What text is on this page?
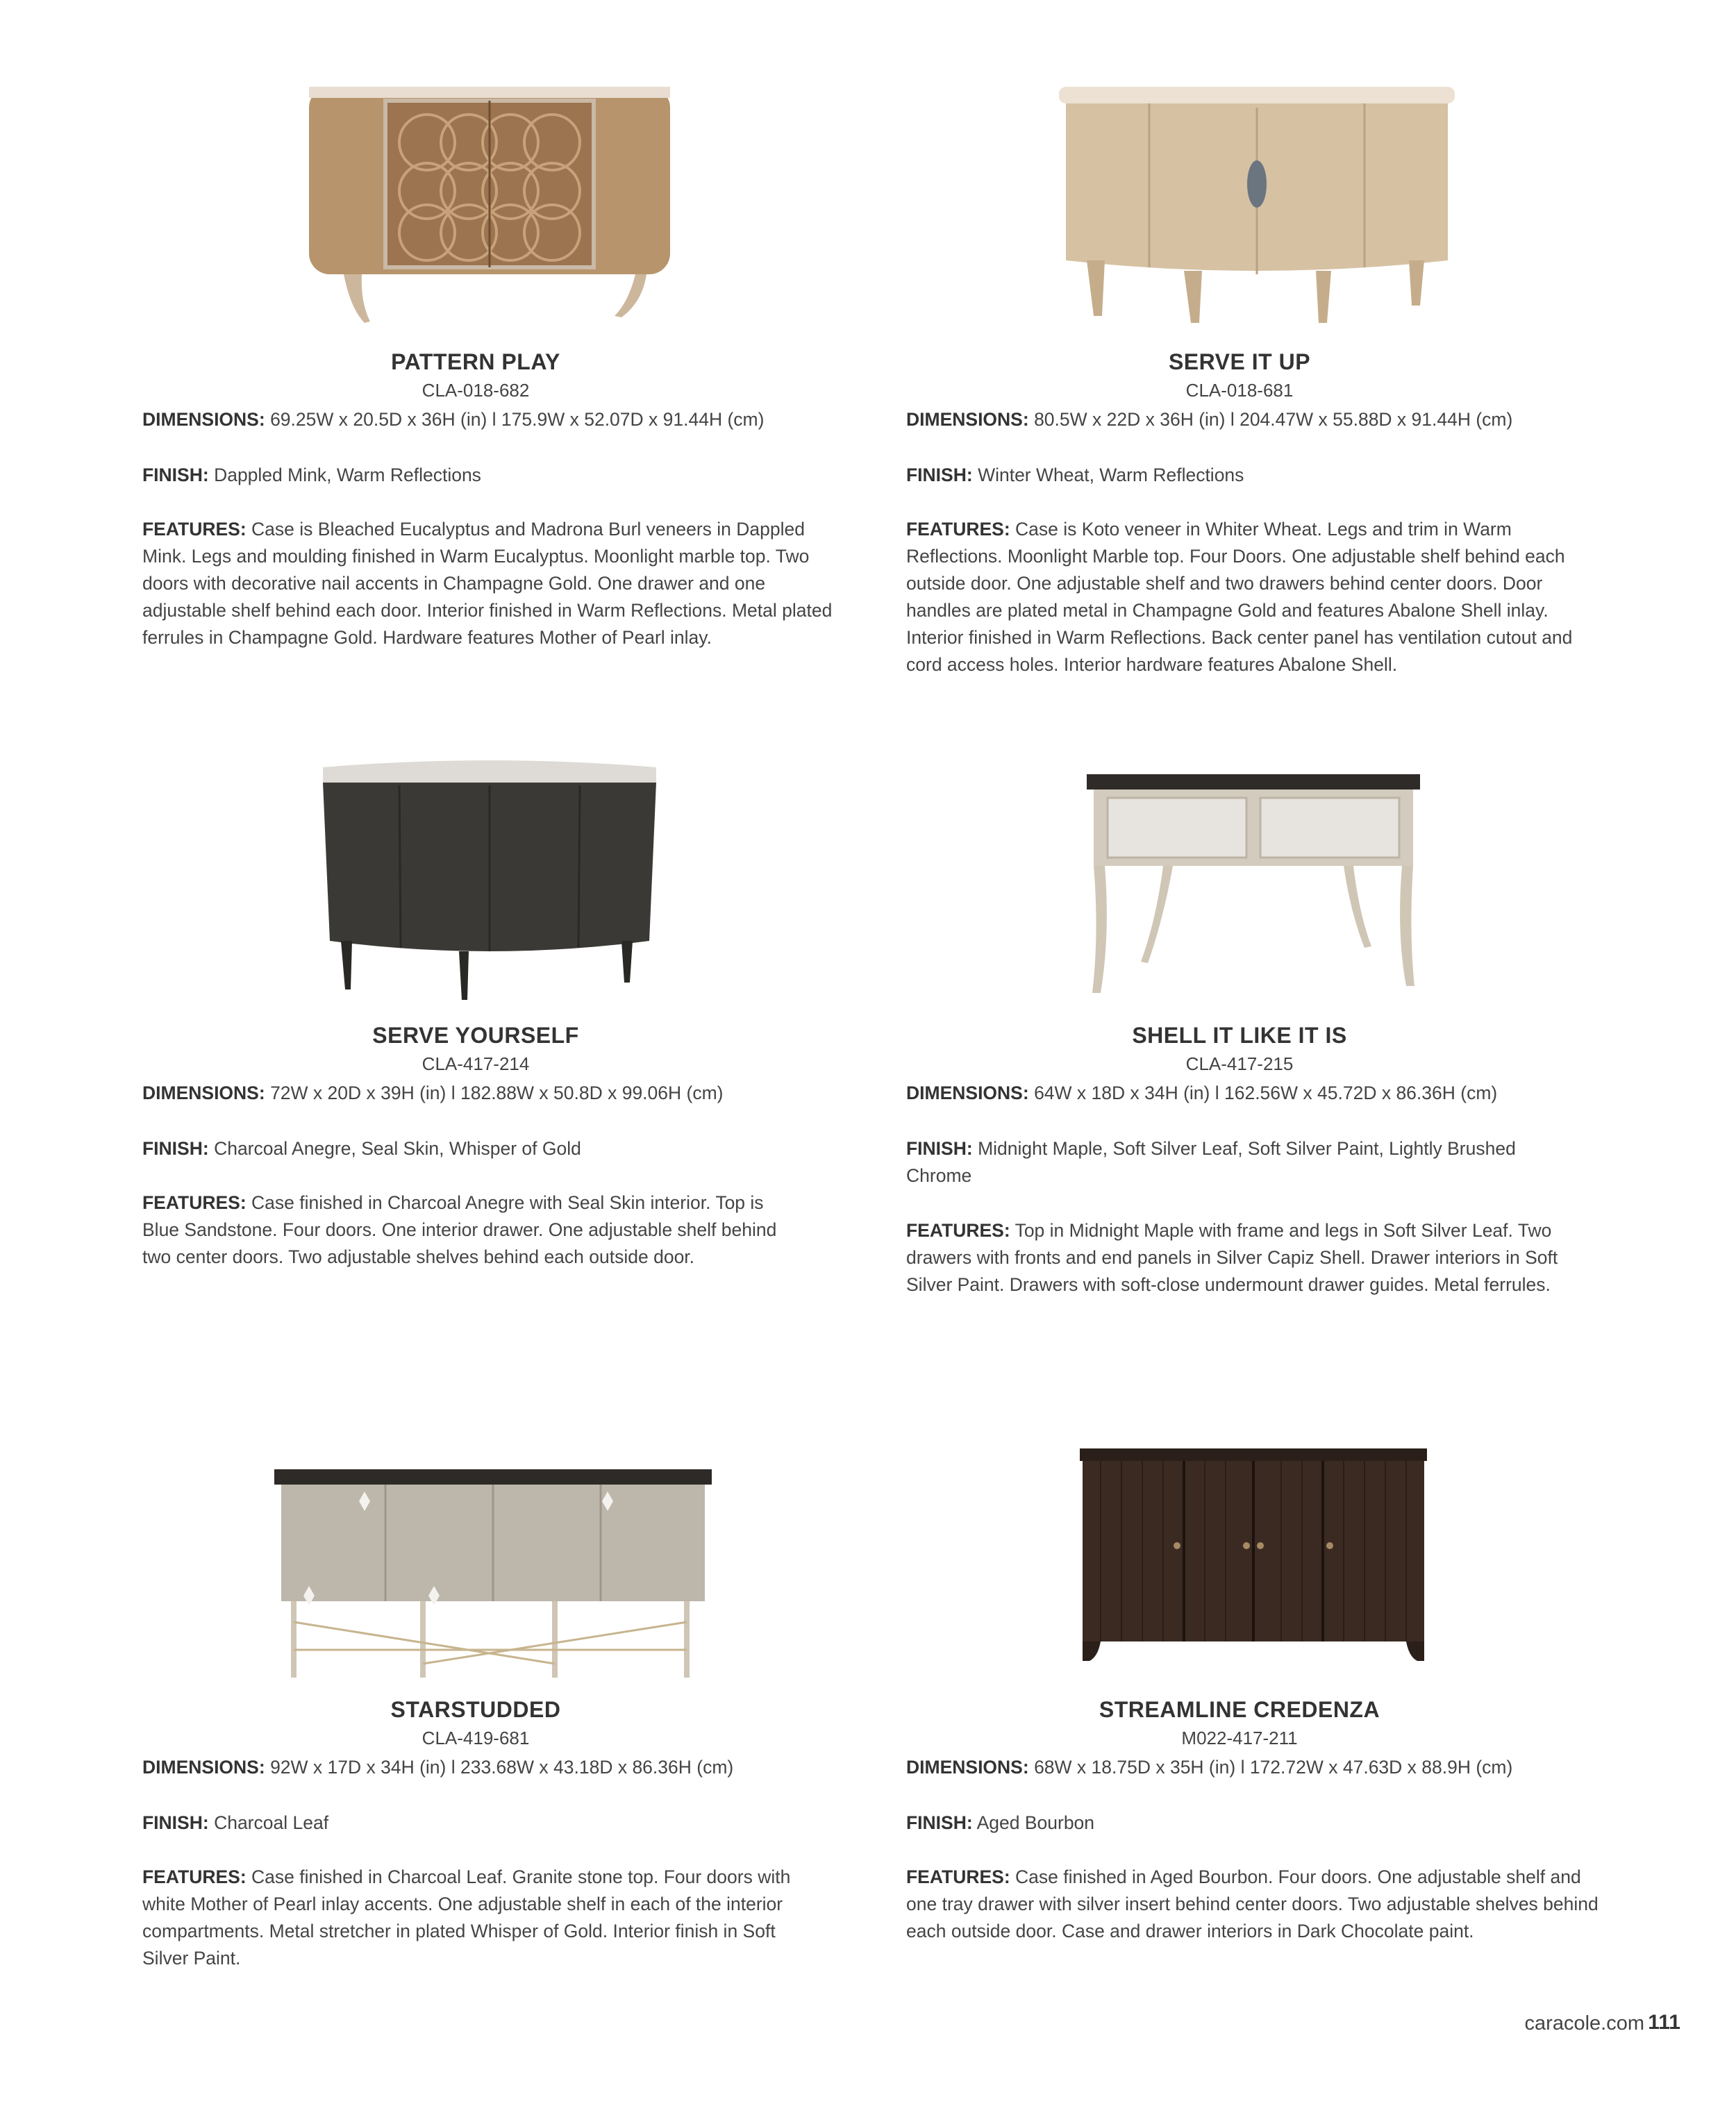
PATTERN PLAY
CLA-018-682
DIMENSIONS: 69.25W x 20.5D x 36H (in) l 175.9W x 52.07D x 91.44H (cm)
FINISH: Dappled Mink, Warm Reflections
FEATURES: Case is Bleached Eucalyptus and Madrona Burl veneers in Dappled Mink. Legs and moulding finished in Warm Eucalyptus. Moonlight marble top. Two doors with decorative nail accents in Champagne Gold. One drawer and one adjustable shelf behind each door. Interior finished in Warm Reflections. Metal plated ferrules in Champagne Gold. Hardware features Mother of Pearl inlay.
SERVE IT UP
CLA-018-681
DIMENSIONS: 80.5W x 22D x 36H (in) l 204.47W x 55.88D x 91.44H (cm)
FINISH: Winter Wheat, Warm Reflections
FEATURES: Case is Koto veneer in Whiter Wheat. Legs and trim in Warm Reflections. Moonlight Marble top. Four Doors. One adjustable shelf behind each outside door. One adjustable shelf and two drawers behind center doors. Door handles are plated metal in Champagne Gold and features Abalone Shell inlay. Interior finished in Warm Reflections. Back center panel has ventilation cutout and cord access holes. Interior hardware features Abalone Shell.
SERVE YOURSELF
CLA-417-214
DIMENSIONS: 72W x 20D x 39H (in) l 182.88W x 50.8D x 99.06H (cm)
FINISH: Charcoal Anegre, Seal Skin, Whisper of Gold
FEATURES: Case finished in Charcoal Anegre with Seal Skin interior. Top is Blue Sandstone. Four doors. One interior drawer. One adjustable shelf behind two center doors. Two adjustable shelves behind each outside door.
SHELL IT LIKE IT IS
CLA-417-215
DIMENSIONS: 64W x 18D x 34H (in) l 162.56W x 45.72D x 86.36H (cm)
FINISH: Midnight Maple, Soft Silver Leaf, Soft Silver Paint, Lightly Brushed Chrome
FEATURES: Top in Midnight Maple with frame and legs in Soft Silver Leaf. Two drawers with fronts and end panels in Silver Capiz Shell. Drawer interiors in Soft Silver Paint. Drawers with soft-close undermount drawer guides. Metal ferrules.
STARSTUDDED
CLA-419-681
DIMENSIONS: 92W x 17D x 34H (in) l 233.68W x 43.18D x 86.36H (cm)
FINISH: Charcoal Leaf
FEATURES: Case finished in Charcoal Leaf. Granite stone top. Four doors with white Mother of Pearl inlay accents. One adjustable shelf in each of the interior compartments. Metal stretcher in plated Whisper of Gold. Interior finish in Soft Silver Paint.
STREAMLINE CREDENZA
M022-417-211
DIMENSIONS: 68W x 18.75D x 35H (in) l 172.72W x 47.63D x 88.9H (cm)
FINISH: Aged Bourbon
FEATURES: Case finished in Aged Bourbon. Four doors. One adjustable shelf and one tray drawer with silver insert behind center doors. Two adjustable shelves behind each outside door. Case and drawer interiors in Dark Chocolate paint.
caracole.com 111
